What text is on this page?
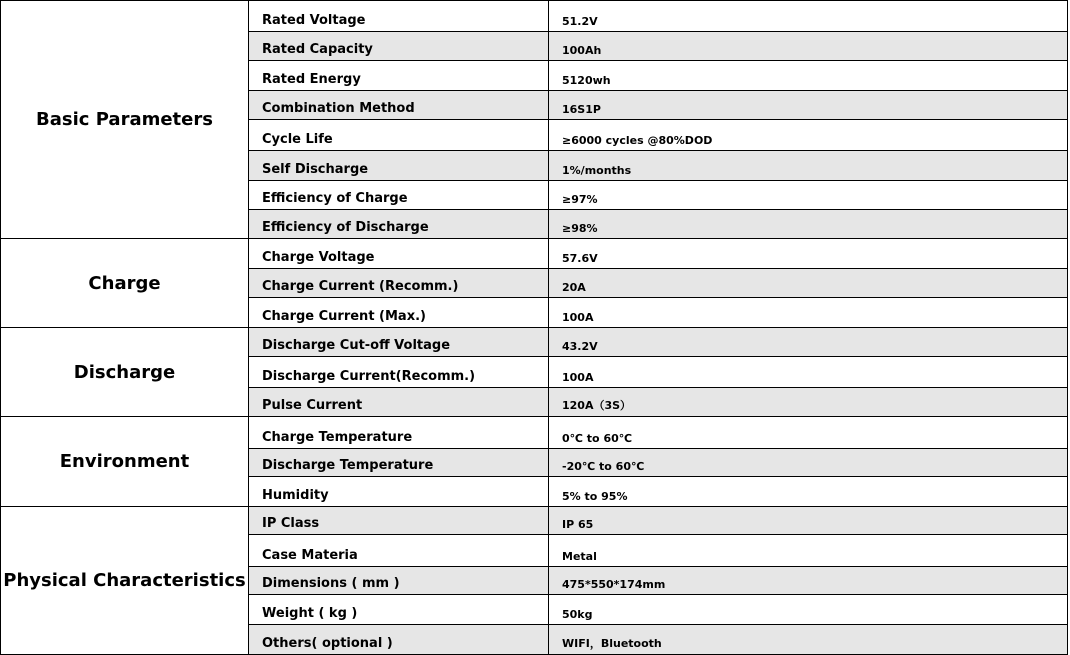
Basic Parameters	Rated Voltage	51.2V
	Rated Capacity	100Ah
	Rated Energy	5120wh
	Combination Method	16S1P
	Cycle Life	≥6000 cycles @80%DOD
	Self Discharge	1%/months
	Efficiency of Charge	≥97%
	Efficiency of Discharge	≥98%
Charge	Charge Voltage	57.6V
	Charge Current (Recomm.)	20A
	Charge Current (Max.)	100A
Discharge	Discharge Cut-off Voltage	43.2V
	Discharge Current(Recomm.)	100A
	Pulse Current	120A（3S）
Environment	Charge Temperature	0℃ to 60℃
	Discharge Temperature	-20℃ to 60℃
	Humidity	5% to 95%
Physical Characteristics	IP Class	IP 65
	Case Materia	Metal
	Dimensions ( mm )	475*550*174mm
	Weight ( kg )	50kg
	Others( optional )	WIFI，Bluetooth
